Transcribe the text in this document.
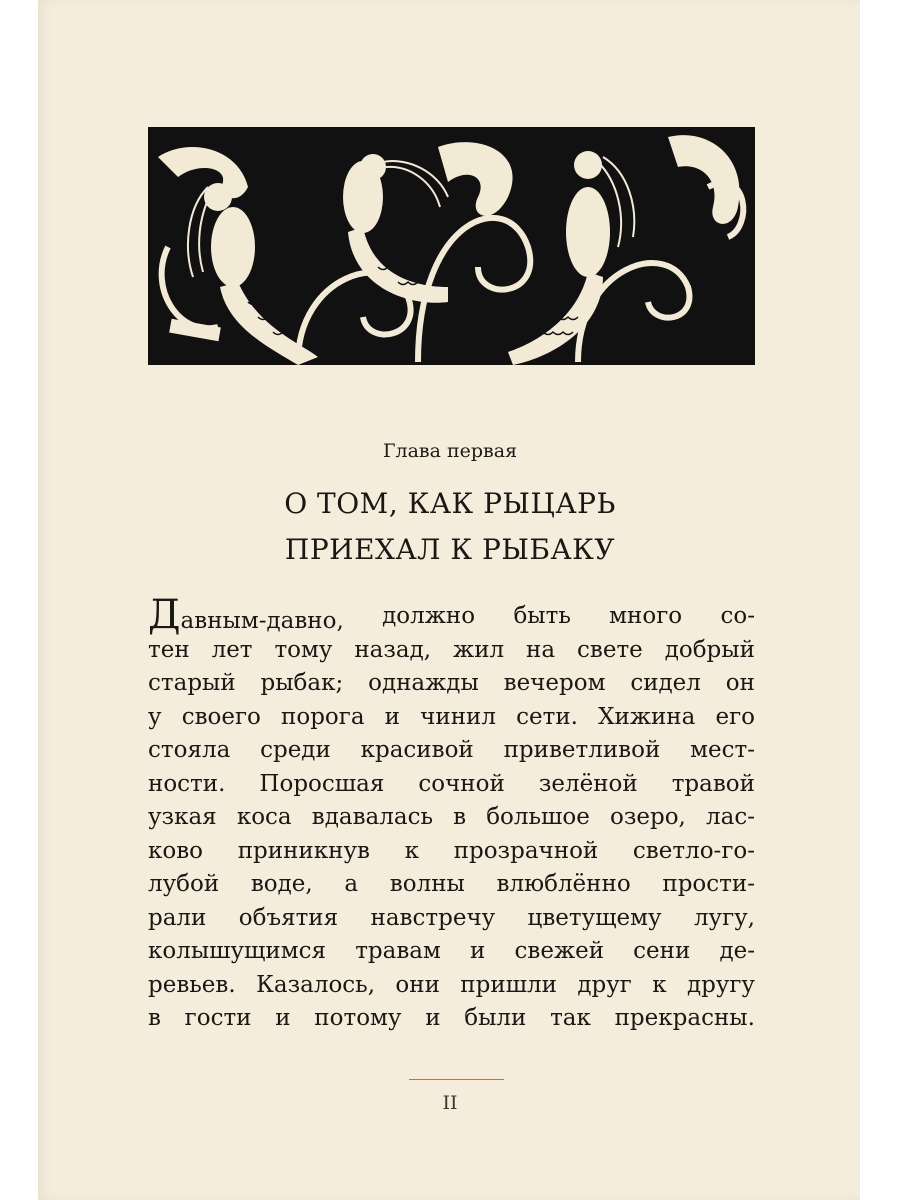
Глава первая
О ТОМ, КАК РЫЦАРЬ
ПРИЕХАЛ К РЫБАКУ
Давным-давно, должно быть много со-
тен лет тому назад, жил на свете добрый
старый рыбак; однажды вечером сидел он
у своего порога и чинил сети. Хижина его
стояла среди красивой приветливой мест-
ности. Поросшая сочной зелёной травой
узкая коса вдавалась в большое озеро, лас-
ково приникнув к прозрачной светло-го-
лубой воде, а волны влюблённо прости-
рали объятия навстречу цветущему лугу,
колышущимся травам и свежей сени де-
ревьев. Казалось, они пришли друг к другу
в гости и потому и были так прекрасны.
II
